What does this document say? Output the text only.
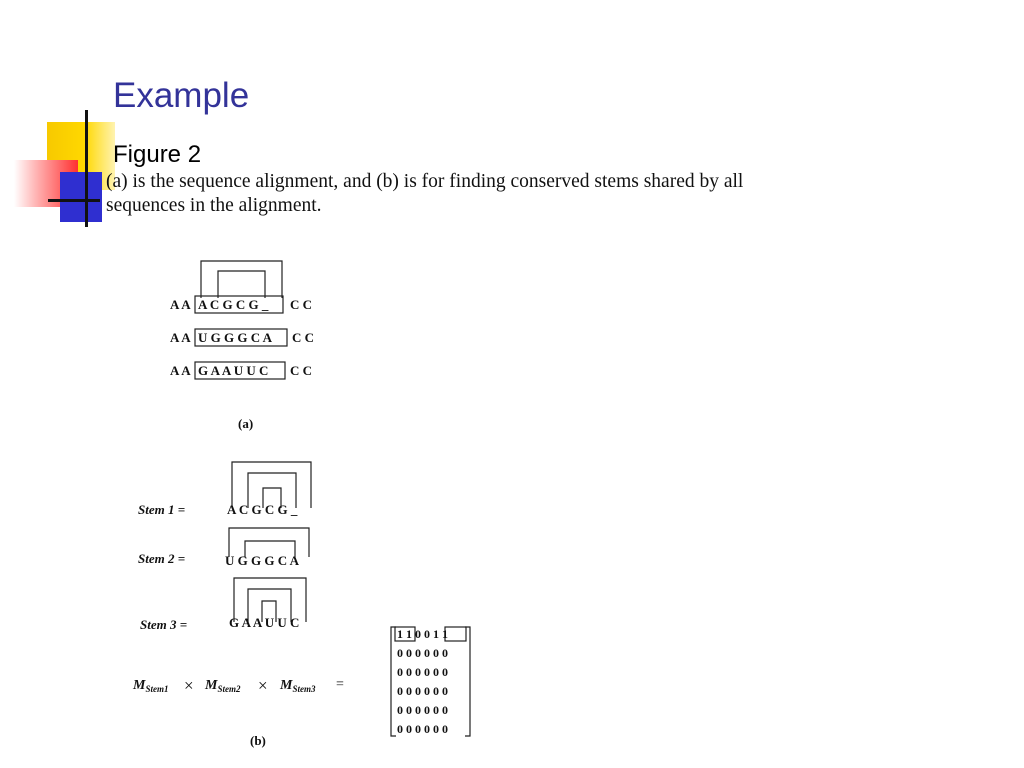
Example
Figure 2
(a) is the sequence alignment, and (b) is for finding conserved stems shared by all
sequences in the alignment.
A A A C G C G _ C C
A A U G G G C A C C
A A G A A U U C C C
(a)
Stem 1 =	A C G C G _
Stem 2 =	U G G G C A
Stem 3 =	G A A U U C
$M_{Stem1} \times M_{Stem2} \times M_{Stem3}$ =
1 1 0 0 1 1
0 0 0 0 0 0
0 0 0 0 0 0
0 0 0 0 0 0
0 0 0 0 0 0
0 0 0 0 0 0
(b)
